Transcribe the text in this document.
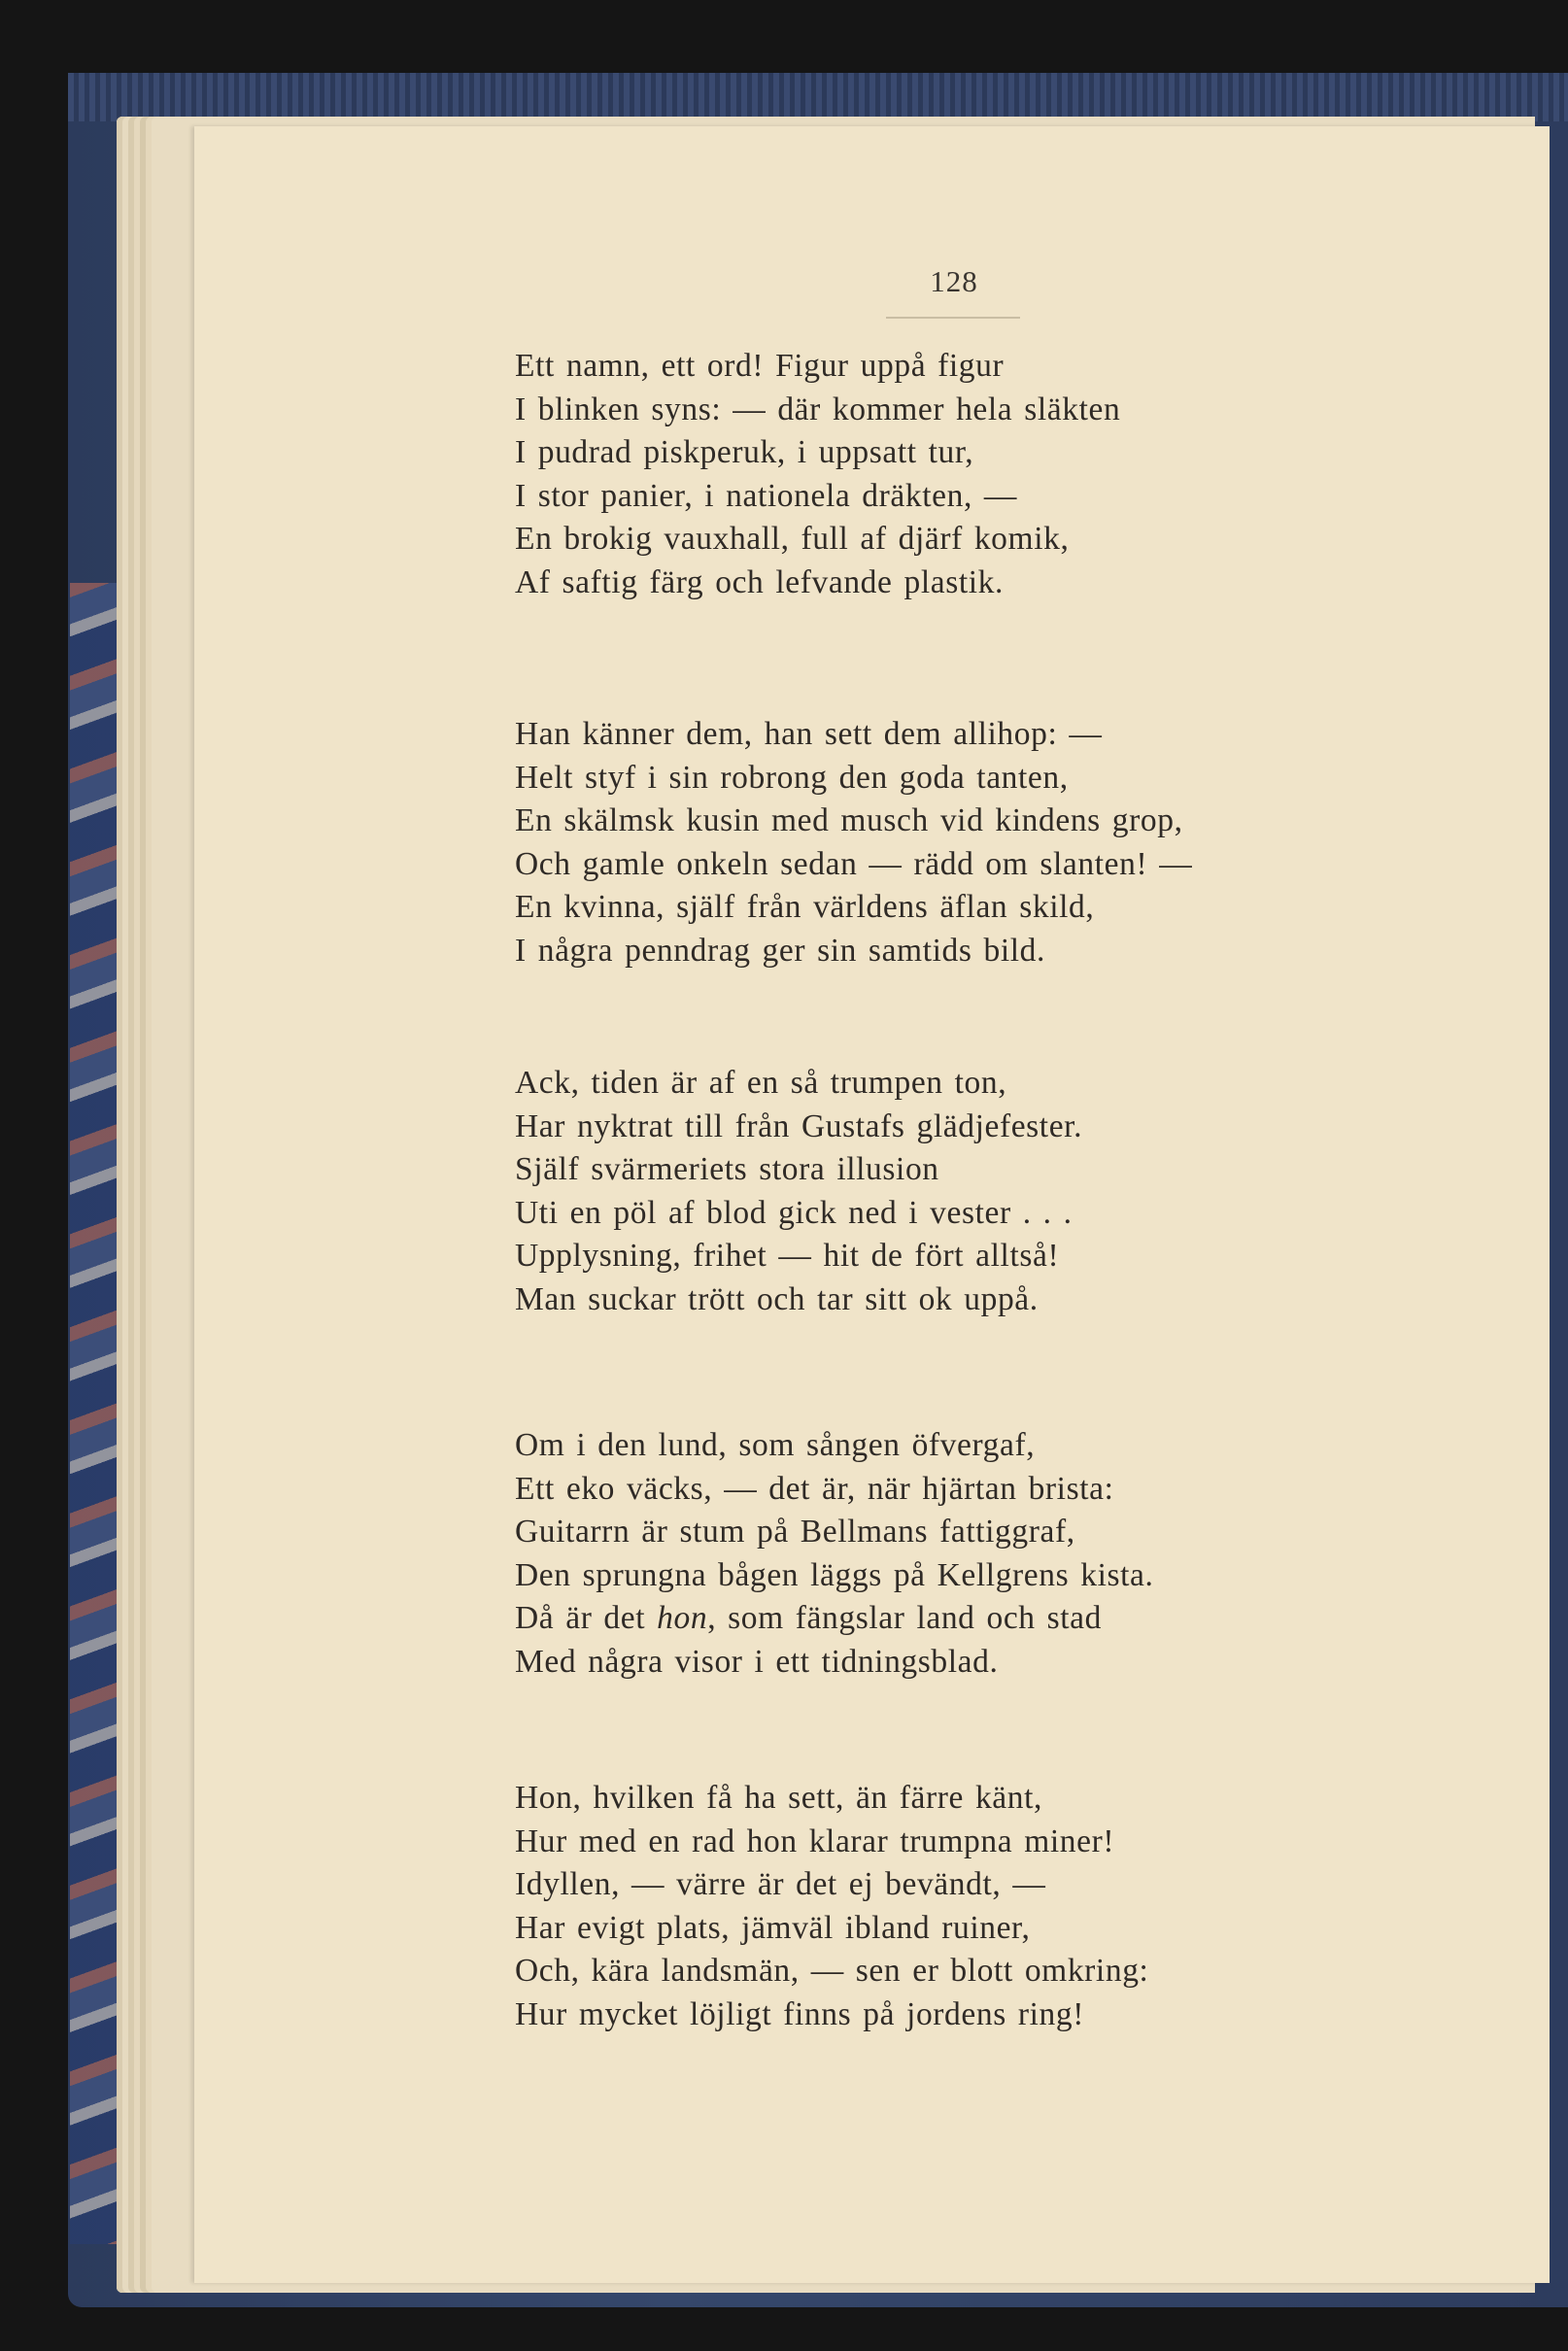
128
Ett namn, ett ord! Figur uppå figur
I blinken syns: — där kommer hela släkten
I pudrad piskperuk, i uppsatt tur,
I stor panier, i nationela dräkten, —
En brokig vauxhall, full af djärf komik,
Af saftig färg och lefvande plastik.
Han känner dem, han sett dem allihop: —
Helt styf i sin robrong den goda tanten,
En skälmsk kusin med musch vid kindens grop,
Och gamle onkeln sedan — rädd om slanten! —
En kvinna, själf från världens äflan skild,
I några penndrag ger sin samtids bild.
Ack, tiden är af en så trumpen ton,
Har nyktrat till från Gustafs glädjefester.
Själf svärmeriets stora illusion
Uti en pöl af blod gick ned i vester . . .
Upplysning, frihet — hit de fört alltså!
Man suckar trött och tar sitt ok uppå.
Om i den lund, som sången öfvergaf,
Ett eko väcks, — det är, när hjärtan brista:
Guitarrn är stum på Bellmans fattiggraf,
Den sprungna bågen läggs på Kellgrens kista.
Då är det hon, som fängslar land och stad
Med några visor i ett tidningsblad.
Hon, hvilken få ha sett, än färre känt,
Hur med en rad hon klarar trumpna miner!
Idyllen, — värre är det ej bevändt, —
Har evigt plats, jämväl ibland ruiner,
Och, kära landsmän, — sen er blott omkring:
Hur mycket löjligt finns på jordens ring!
